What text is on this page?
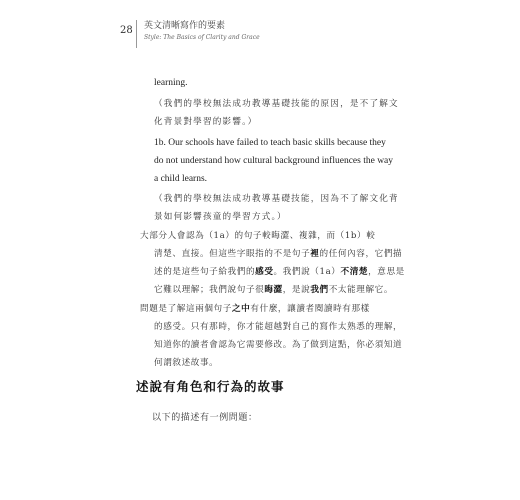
28 英文清晰寫作的要素
Style: The Basics of Clarity and Grace
learning.
（我們的學校無法成功教導基礎技能的原因，是不了解文
化背景對學習的影響。）
1b. Our schools have failed to teach basic skills because they
do not understand how cultural background influences the way
a child learns.
（我們的學校無法成功教導基礎技能，因為不了解文化背
景如何影響孩童的學習方式。）
大部分人會認為（1a）的句子較晦澀、複雜，而（1b）較
清楚、直接。但這些字眼指的不是句子裡的任何內容，它們描
述的是這些句子給我們的感受。我們說（1a）不清楚，意思是
它難以理解；我們說句子很晦澀，是說我們不太能理解它。
問題是了解這兩個句子之中有什麼，讓讀者閱讀時有那樣
的感受。只有那時，你才能超越對自己的寫作太熟悉的理解，
知道你的讀者會認為它需要修改。為了做到這點，你必須知道
何謂敘述故事。
述說有角色和行為的故事
以下的描述有一例問題：
